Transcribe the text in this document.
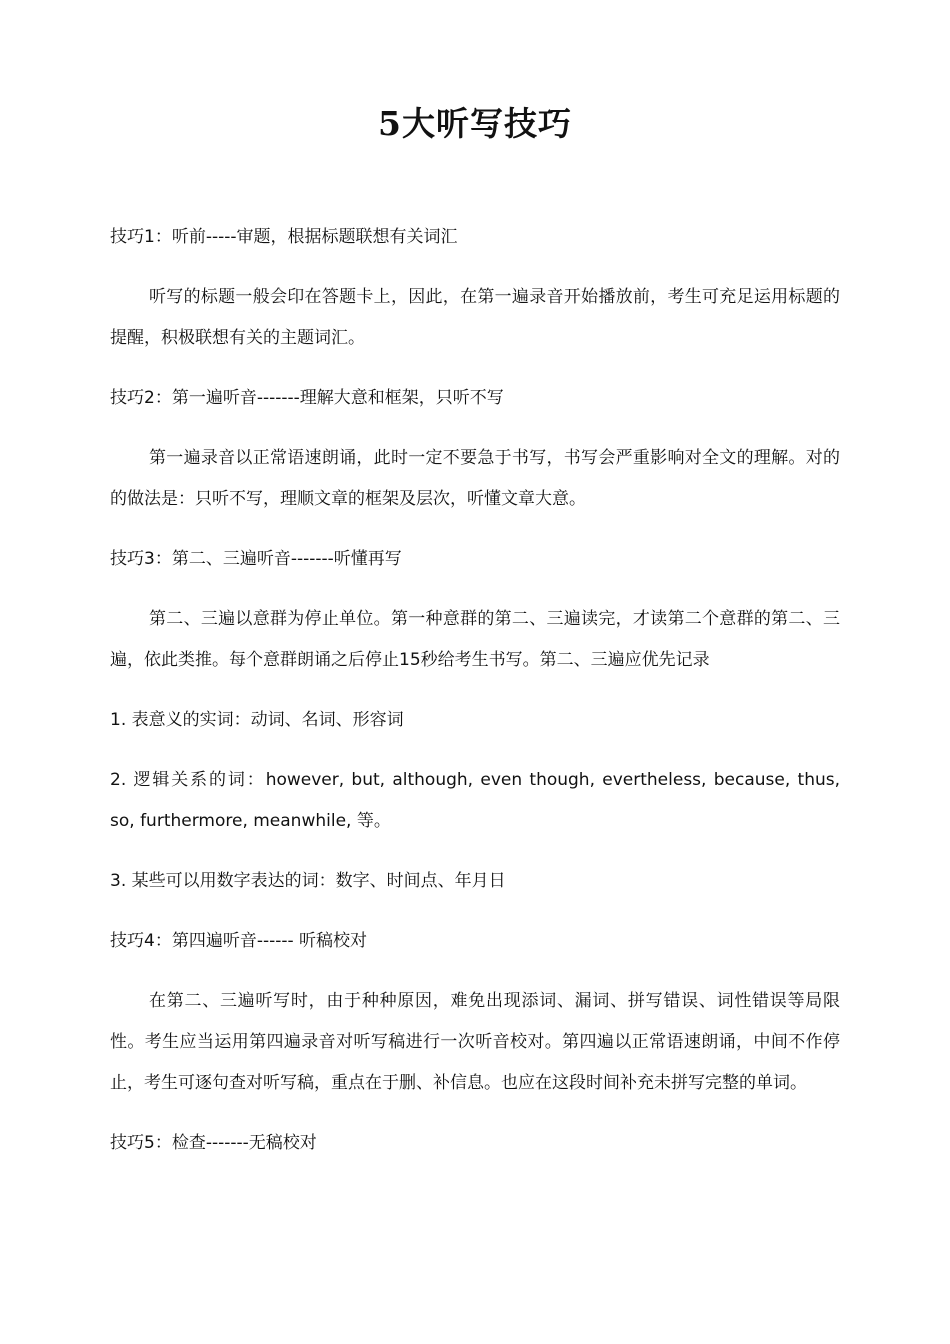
5大听写技巧
技巧1：听前-----审题，根据标题联想有关词汇

听写的标题一般会印在答题卡上，因此，在第一遍录音开始播放前，考生可充足运用标题的提醒，积极联想有关的主题词汇。

技巧2：第一遍听音-------理解大意和框架，只听不写

第一遍录音以正常语速朗诵，此时一定不要急于书写，书写会严重影响对全文的理解。对的的做法是：只听不写，理顺文章的框架及层次，听懂文章大意。

技巧3：第二、三遍听音-------听懂再写

第二、三遍以意群为停止单位。第一种意群的第二、三遍读完，才读第二个意群的第二、三遍，依此类推。每个意群朗诵之后停止15秒给考生书写。第二、三遍应优先记录

1. 表意义的实词：动词、名词、形容词

2. 逻辑关系的词：however, but, although, even though, evertheless, because, thus, so, furthermore, meanwhile, 等。

3. 某些可以用数字表达的词：数字、时间点、年月日

技巧4：第四遍听音------ 听稿校对

在第二、三遍听写时，由于种种原因，难免出现添词、漏词、拼写错误、词性错误等局限性。考生应当运用第四遍录音对听写稿进行一次听音校对。第四遍以正常语速朗诵，中间不作停止，考生可逐句查对听写稿，重点在于删、补信息。也应在这段时间补充未拼写完整的单词。

技巧5：检查-------无稿校对
